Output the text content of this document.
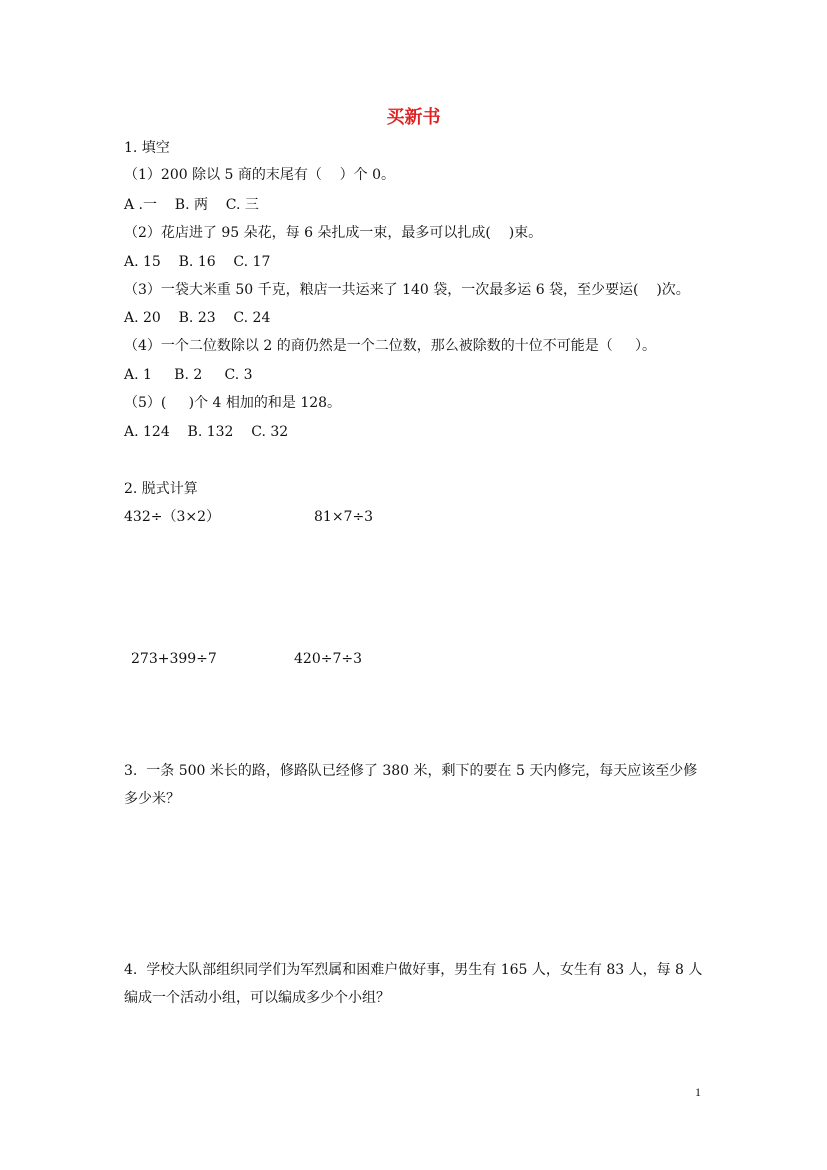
买新书

1. 填空

（1）200 除以 5 商的末尾有（    ）个 0。

A .一    B. 两    C. 三

（2）花店进了 95 朵花，每 6 朵扎成一束，最多可以扎成(    )束。

A. 15    B. 16    C. 17

（3）一袋大米重 50 千克，粮店一共运来了 140 袋，一次最多运 6 袋，至少要运(    )次。

A. 20    B. 23    C. 24

（4）一个二位数除以 2 的商仍然是一个二位数，那么被除数的十位不可能是（     ）。

A. 1     B. 2     C. 3

（5）(     )个 4 相加的和是 128。

A. 124    B. 132    C. 32

2. 脱式计算

432÷（3×2）	81×7÷3

273+399÷7	420÷7÷3

3.  一条 500 米长的路，修路队已经修了 380 米，剩下的要在 5 天内修完，每天应该至少修

多少米？

4.  学校大队部组织同学们为军烈属和困难户做好事，男生有 165 人，女生有 83 人，每 8 人

编成一个活动小组，可以编成多少个小组？

1
